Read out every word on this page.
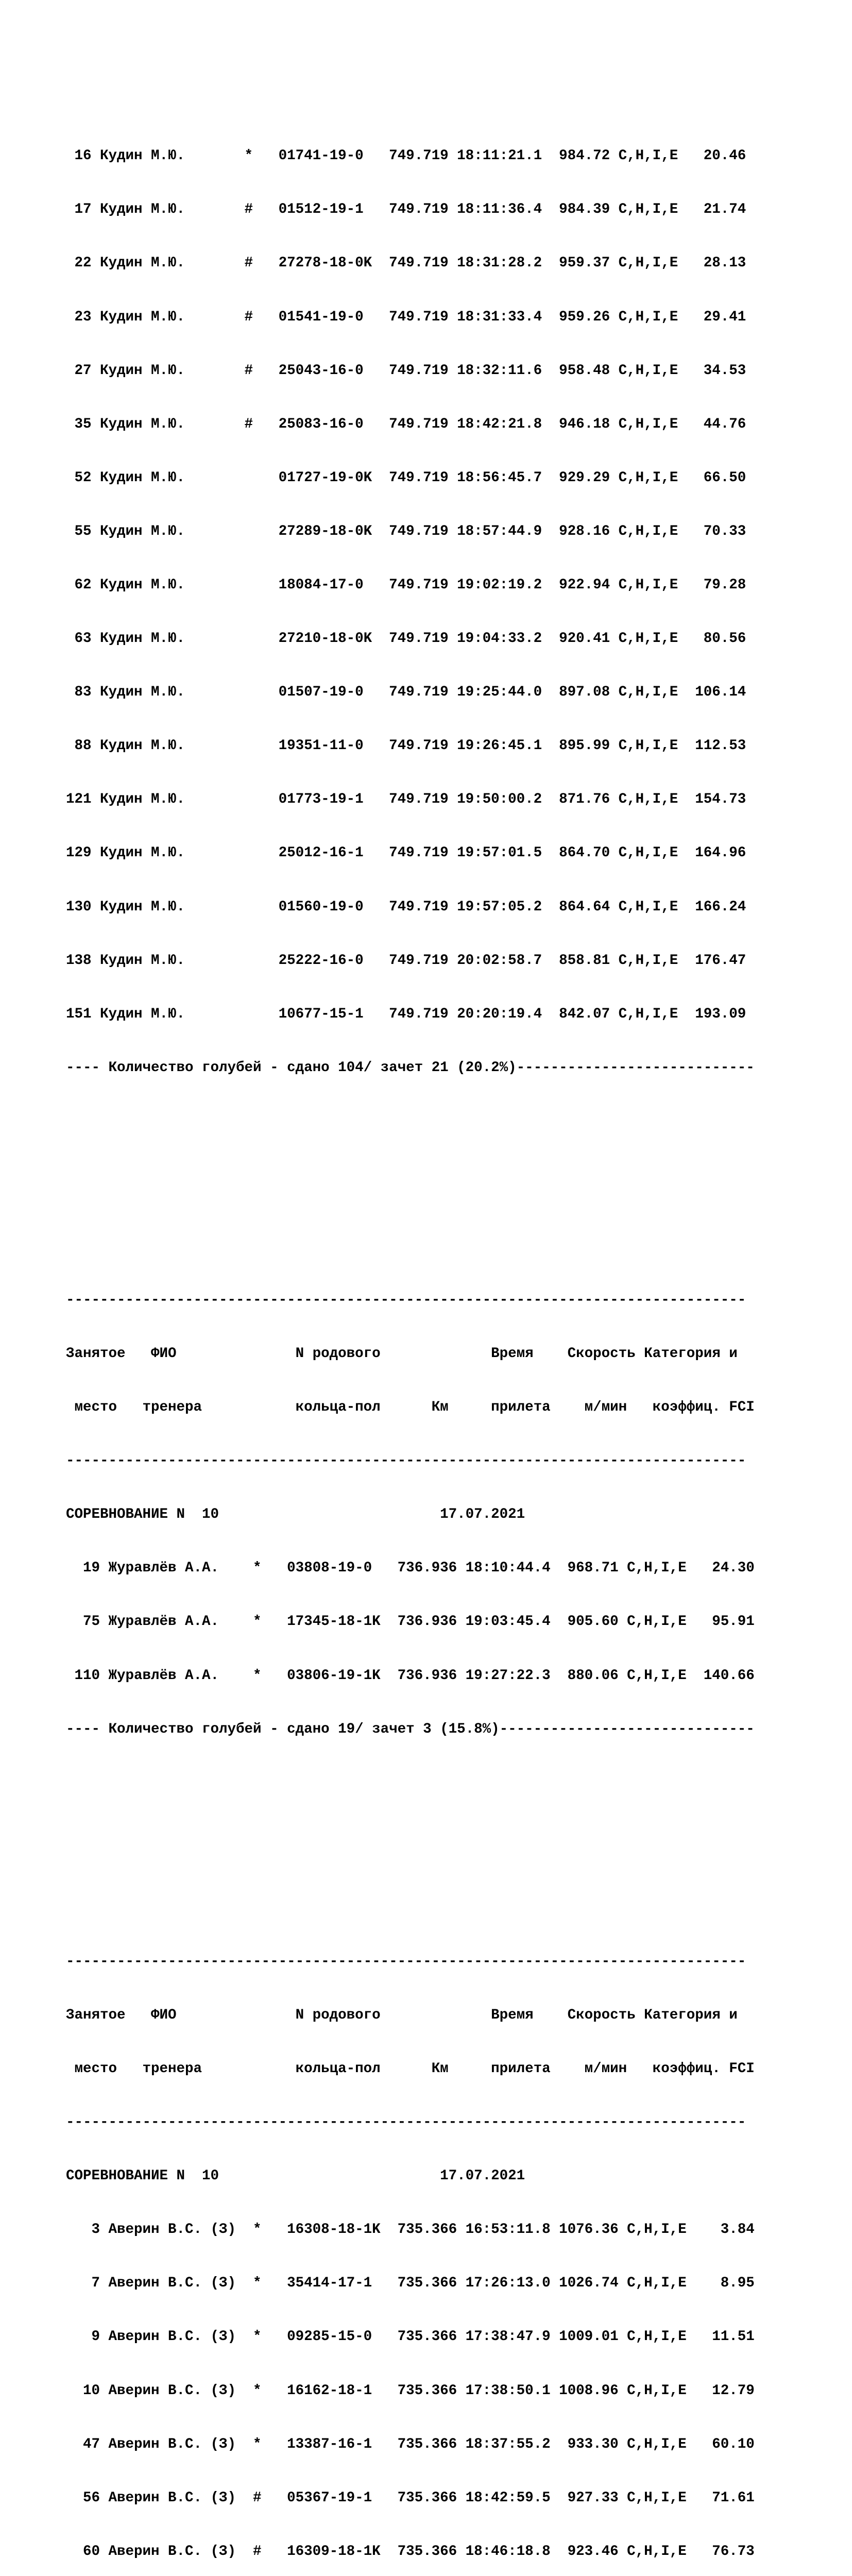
16 Кудин М.Ю.       *   01741-19-0   749.719 18:11:21.1  984.72 C,H,I,E   20.46

17 Кудин М.Ю.       #   01512-19-1   749.719 18:11:36.4  984.39 C,H,I,E   21.74

22 Кудин М.Ю.       #   27278-18-0K  749.719 18:31:28.2  959.37 C,H,I,E   28.13

23 Кудин М.Ю.       #   01541-19-0   749.719 18:31:33.4  959.26 C,H,I,E   29.41

27 Кудин М.Ю.       #   25043-16-0   749.719 18:32:11.6  958.48 C,H,I,E   34.53

35 Кудин М.Ю.       #   25083-16-0   749.719 18:42:21.8  946.18 C,H,I,E   44.76

52 Кудин М.Ю.           01727-19-0K  749.719 18:56:45.7  929.29 C,H,I,E   66.50

55 Кудин М.Ю.           27289-18-0K  749.719 18:57:44.9  928.16 C,H,I,E   70.33

62 Кудин М.Ю.           18084-17-0   749.719 19:02:19.2  922.94 C,H,I,E   79.28

63 Кудин М.Ю.           27210-18-0K  749.719 19:04:33.2  920.41 C,H,I,E   80.56

83 Кудин М.Ю.           01507-19-0   749.719 19:25:44.0  897.08 C,H,I,E  106.14

88 Кудин М.Ю.           19351-11-0   749.719 19:26:45.1  895.99 C,H,I,E  112.53

121 Кудин М.Ю.           01773-19-1   749.719 19:50:00.2  871.76 C,H,I,E  154.73

129 Кудин М.Ю.           25012-16-1   749.719 19:57:01.5  864.70 C,H,I,E  164.96

130 Кудин М.Ю.           01560-19-0   749.719 19:57:05.2  864.64 C,H,I,E  166.24

138 Кудин М.Ю.           25222-16-0   749.719 20:02:58.7  858.81 C,H,I,E  176.47

151 Кудин М.Ю.           10677-15-1   749.719 20:20:19.4  842.07 C,H,I,E  193.09

---- Количество голубей - сдано 104/ зачет 21 (20.2%)----------------------------

--------------------------------------------------------------------------------

Занятое   ФИО              N родового             Время    Скорость Категория и

место   тренера           кольца-пол      Км     прилета    м/мин   коэффиц. FCI

--------------------------------------------------------------------------------

СОРЕВНОВАНИЕ N  10                          17.07.2021

19 Журавлёв А.А.    *   03808-19-0   736.936 18:10:44.4  968.71 C,H,I,E   24.30

75 Журавлёв А.А.    *   17345-18-1K  736.936 19:03:45.4  905.60 C,H,I,E   95.91

110 Журавлёв А.А.    *   03806-19-1K  736.936 19:27:22.3  880.06 C,H,I,E  140.66

---- Количество голубей - сдано 19/ зачет 3 (15.8%)------------------------------

--------------------------------------------------------------------------------

Занятое   ФИО              N родового             Время    Скорость Категория и

место   тренера           кольца-пол      Км     прилета    м/мин   коэффиц. FCI

--------------------------------------------------------------------------------

СОРЕВНОВАНИЕ N  10                          17.07.2021

3 Аверин В.С. (З)  *   16308-18-1K  735.366 16:53:11.8 1076.36 C,H,I,E    3.84

7 Аверин В.С. (З)  *   35414-17-1   735.366 17:26:13.0 1026.74 C,H,I,E    8.95

9 Аверин В.С. (З)  *   09285-15-0   735.366 17:38:47.9 1009.01 C,H,I,E   11.51

10 Аверин В.С. (З)  *   16162-18-1   735.366 17:38:50.1 1008.96 C,H,I,E   12.79

47 Аверин В.С. (З)  *   13387-16-1   735.366 18:37:55.2  933.30 C,H,I,E   60.10

56 Аверин В.С. (З)  #   05367-19-1   735.366 18:42:59.5  927.33 C,H,I,E   71.61

60 Аверин В.С. (З)  #   16309-18-1K  735.366 18:46:18.8  923.46 C,H,I,E   76.73
